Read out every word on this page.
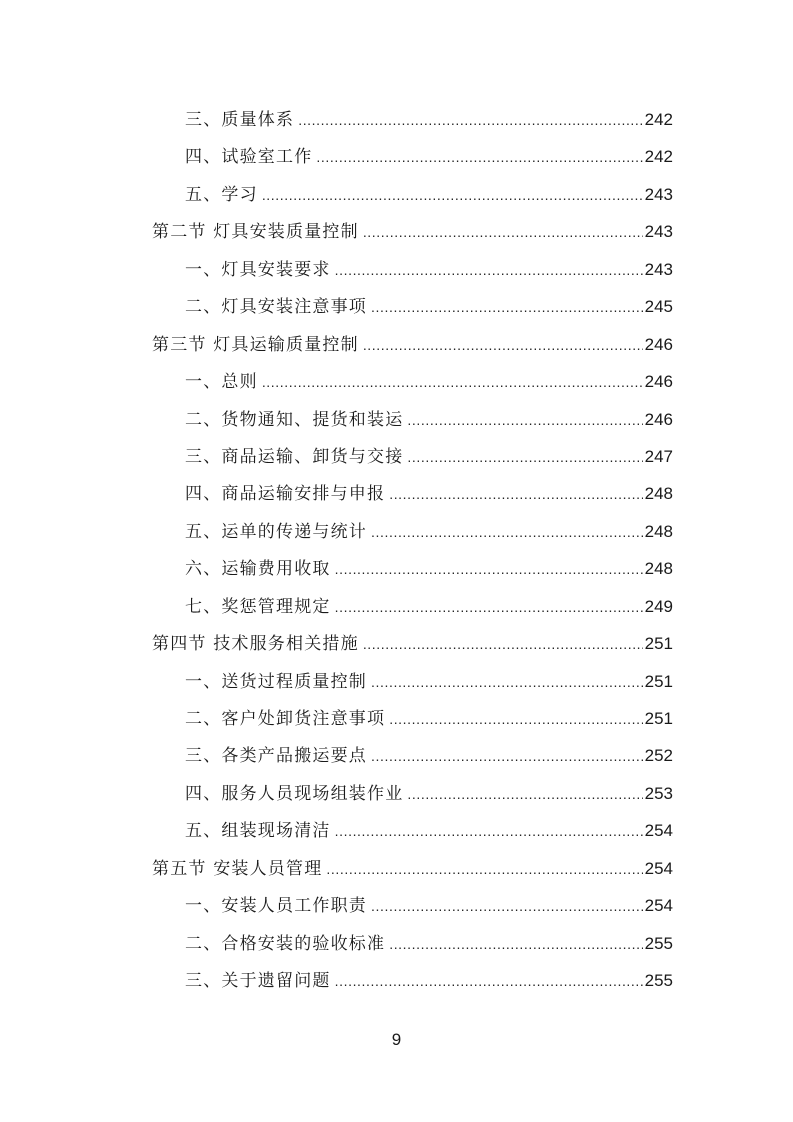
三、质量体系 .....	242
四、试验室工作 .....	242
五、学习 .....	243
第二节 灯具安装质量控制 .....	243
一、灯具安装要求 .....	243
二、灯具安装注意事项 .....	245
第三节 灯具运输质量控制 .....	246
一、总则 .....	246
二、货物通知、提货和装运 .....	246
三、商品运输、卸货与交接 .....	247
四、商品运输安排与申报 .....	248
五、运单的传递与统计 .....	248
六、运输费用收取 .....	248
七、奖惩管理规定 .....	249
第四节 技术服务相关措施 .....	251
一、送货过程质量控制 .....	251
二、客户处卸货注意事项 .....	251
三、各类产品搬运要点 .....	252
四、服务人员现场组装作业 .....	253
五、组装现场清洁 .....	254
第五节 安装人员管理 .....	254
一、安装人员工作职责 .....	254
二、合格安装的验收标准 .....	255
三、关于遗留问题 .....	255
9
